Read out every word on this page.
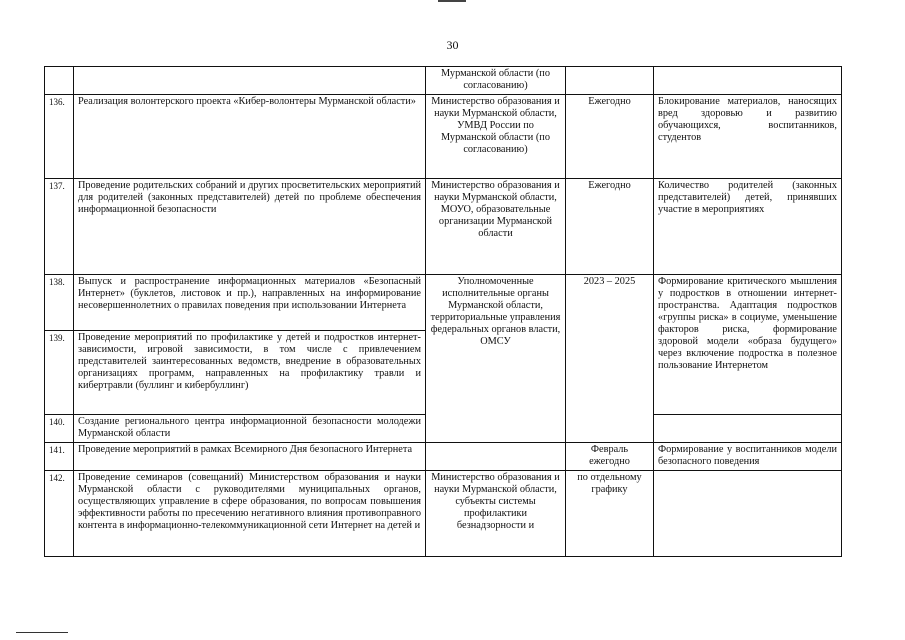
30
		Мурманской области (по согласованию)		
136.	Реализация волонтерского проекта «Кибер-волонтеры Мурманской области»	Министерство образования и науки Мурманской области, УМВД России по Мурманской области (по согласованию)	Ежегодно	Блокирование материалов, наносящих вред здоровью и развитию обучающихся, воспитанников, студентов
137.	Проведение родительских собраний и других просветительских мероприятий для родителей (законных представителей) детей по проблеме обеспечения информационной безопасности	Министерство образования и науки Мурманской области, МОУО, образовательные организации Мурманской области	Ежегодно	Количество родителей (законных представителей) детей, принявших участие в мероприятиях
138.	Выпуск и распространение информационных материалов «Безопасный Интернет» (буклетов, листовок и пр.), направленных на информирование несовершеннолетних о правилах поведения при использовании Интернета	Уполномоченные исполнительные органы Мурманской области, территориальные управления федеральных органов власти, ОМСУ	2023 – 2025	Формирование критического мышления у подростков в отношении интернет-пространства. Адаптация подростков «группы риска» в социуме, уменьшение факторов риска, формирование здоровой модели «образа будущего» через включение подростка в полезное пользование Интернетом
139.	Проведение мероприятий по профилактике у детей и подростков интернет-зависимости, игровой зависимости, в том числе с привлечением представителей заинтересованных ведомств, внедрение в образовательных организациях программ, направленных на профилактику травли и кибертравли (буллинг и кибербуллинг)			
140.	Создание регионального центра информационной безопасности молодежи Мурманской области			
141.	Проведение мероприятий в рамках Всемирного Дня безопасного Интернета		Февраль ежегодно	Формирование у воспитанников модели безопасного поведения
142.	Проведение семинаров (совещаний) Министерством образования и науки Мурманской области с руководителями муниципальных органов, осуществляющих управление в сфере образования, по вопросам повышения эффективности работы по пресечению негативного влияния противоправного контента в информационно-телекоммуникационной сети Интернет на детей и	Министерство образования и науки Мурманской области, субъекты системы профилактики безнадзорности и	по отдельному графику	
